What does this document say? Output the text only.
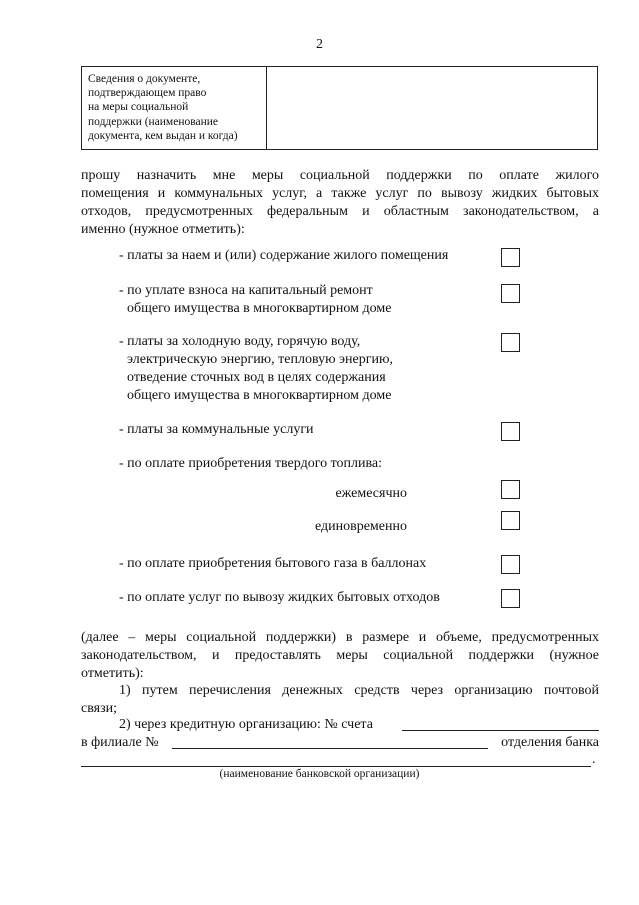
2
Сведения о документе,
подтверждающем право
на меры социальной
поддержки (наименование
документа, кем выдан и когда)
прошу назначить мне меры социальной поддержки по оплате жилого
помещения и коммунальных услуг, а также услуг по вывозу жидких бытовых
отходов, предусмотренных федеральным и областным законодательством, а
именно (нужное отметить):
- платы за наем и (или) содержание жилого помещения
- по уплате взноса на капитальный ремонт
общего имущества в многоквартирном доме
- платы за холодную воду, горячую воду,
электрическую энергию, тепловую энергию,
отведение сточных вод в целях содержания
общего имущества в многоквартирном доме
- платы за коммунальные услуги
- по оплате приобретения твердого топлива:
ежемесячно
единовременно
- по оплате приобретения бытового газа в баллонах
- по оплате услуг по вывозу жидких бытовых отходов
(далее – меры социальной поддержки) в размере и объеме, предусмотренных
законодательством, и предоставлять меры социальной поддержки (нужное
отметить):
1) путем перечисления денежных средств через организацию почтовой
связи;
2) через кредитную организацию: № счета
в филиале №	отделения банка
.
(наименование банковской организации)
